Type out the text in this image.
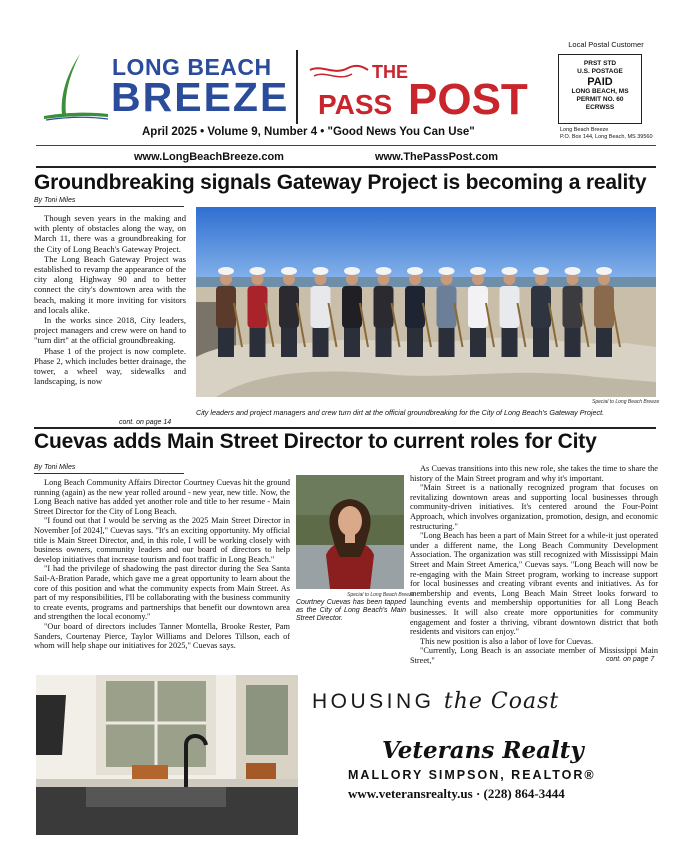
LONG BEACH
BREEZE
THE
PASS POST
Local Postal Customer
PRST STD
U.S. POSTAGE
PAID
LONG BEACH, MS
PERMIT NO. 60
ECRWSS
Long Beach Breeze
P.O. Box 144, Long Beach, MS 39560
April 2025 • Volume 9, Number 4 • "Good News You Can Use"
www.LongBeachBreeze.com	www.ThePassPost.com
Groundbreaking signals Gateway Project is becoming a reality
By Toni Miles

Though seven years in the making and with plenty of obstacles along the way, on March 11, there was a groundbreaking for the City of Long Beach's Gateway Project.

The Long Beach Gateway Project was established to revamp the appearance of the city along Highway 90 and to better connect the city's downtown area with the beach, making it more inviting for visitors and locals alike.

In the works since 2018, City leaders, project managers and crew were on hand to "turn dirt" at the official groundbreaking.

Phase 1 of the project is now complete. Phase 2, which includes better drainage, the tower, a wheel way, sidewalks and landscaping, is now

cont. on page 14
Special to Long Beach Breeze
City leaders and project managers and crew turn dirt at the official groundbreaking for the City of Long Beach's Gateway Project.
Cuevas adds Main Street Director to current roles for City
By Toni Miles

Long Beach Community Affairs Director Courtney Cuevas hit the ground running (again) as the new year rolled around - new year, new title. Now, the Long Beach native has added yet another role and title to her resume - Main Street Director for the City of Long Beach.

"I found out that I would be serving as the 2025 Main Street Director in November [of 2024]," Cuevas says. "It's an exciting opportunity. My official title is Main Street Director, and, in this role, I will be working closely with business owners, community leaders and our board of directors to help develop initiatives that increase tourism and foot traffic in Long Beach."

"I had the privilege of shadowing the past director during the Sea Santa Sail-A-Bration Parade, which gave me a great opportunity to learn about the core of this position and what the community expects from Main Street. As part of my responsibilities, I'll be collaborating with the business community to create events, programs and partnerships that benefit our downtown area and strengthen the local economy."

"Our board of directors includes Tanner Montella, Brooke Rester, Pam Sanders, Courtenay Pierce, Taylor Williams and Delores Tillson, each of whom will help shape our initiatives for 2025," Cuevas says.

Special to Long Beach Breeze
Courtney Cuevas has been tapped as the City of Long Beach's Main Street Director.

As Cuevas transitions into this new role, she takes the time to share the history of the Main Street program and why it's important.

"Main Street is a nationally recognized program that focuses on revitalizing downtown areas and supporting local businesses through community-driven initiatives. It's centered around the Four-Point Approach, which involves organization, promotion, design, and economic restructuring."

"Long Beach has been a part of Main Street for a while-it just operated under a different name, the Long Beach Community Development Association. The organization was still recognized with Mississippi Main Street and Main Street America," Cuevas says. "Long Beach will now be re-engaging with the Main Street program, working to increase support for local businesses and creating vibrant events and initiatives. As for membership and events, Long Beach Main Street looks forward to launching events and membership opportunities for all Long Beach businesses. It will also create more opportunities for community engagement and foster a thriving, vibrant downtown district that both residents and visitors can enjoy."

This new position is also a labor of love for Cuevas.

"Currently, Long Beach is an associate member of Mississippi Main Street,"	cont. on page 7
HOUSING the Coast
Veterans Realty
MALLORY SIMPSON, REALTOR®
www.veteransrealty.us · (228) 864-3444
